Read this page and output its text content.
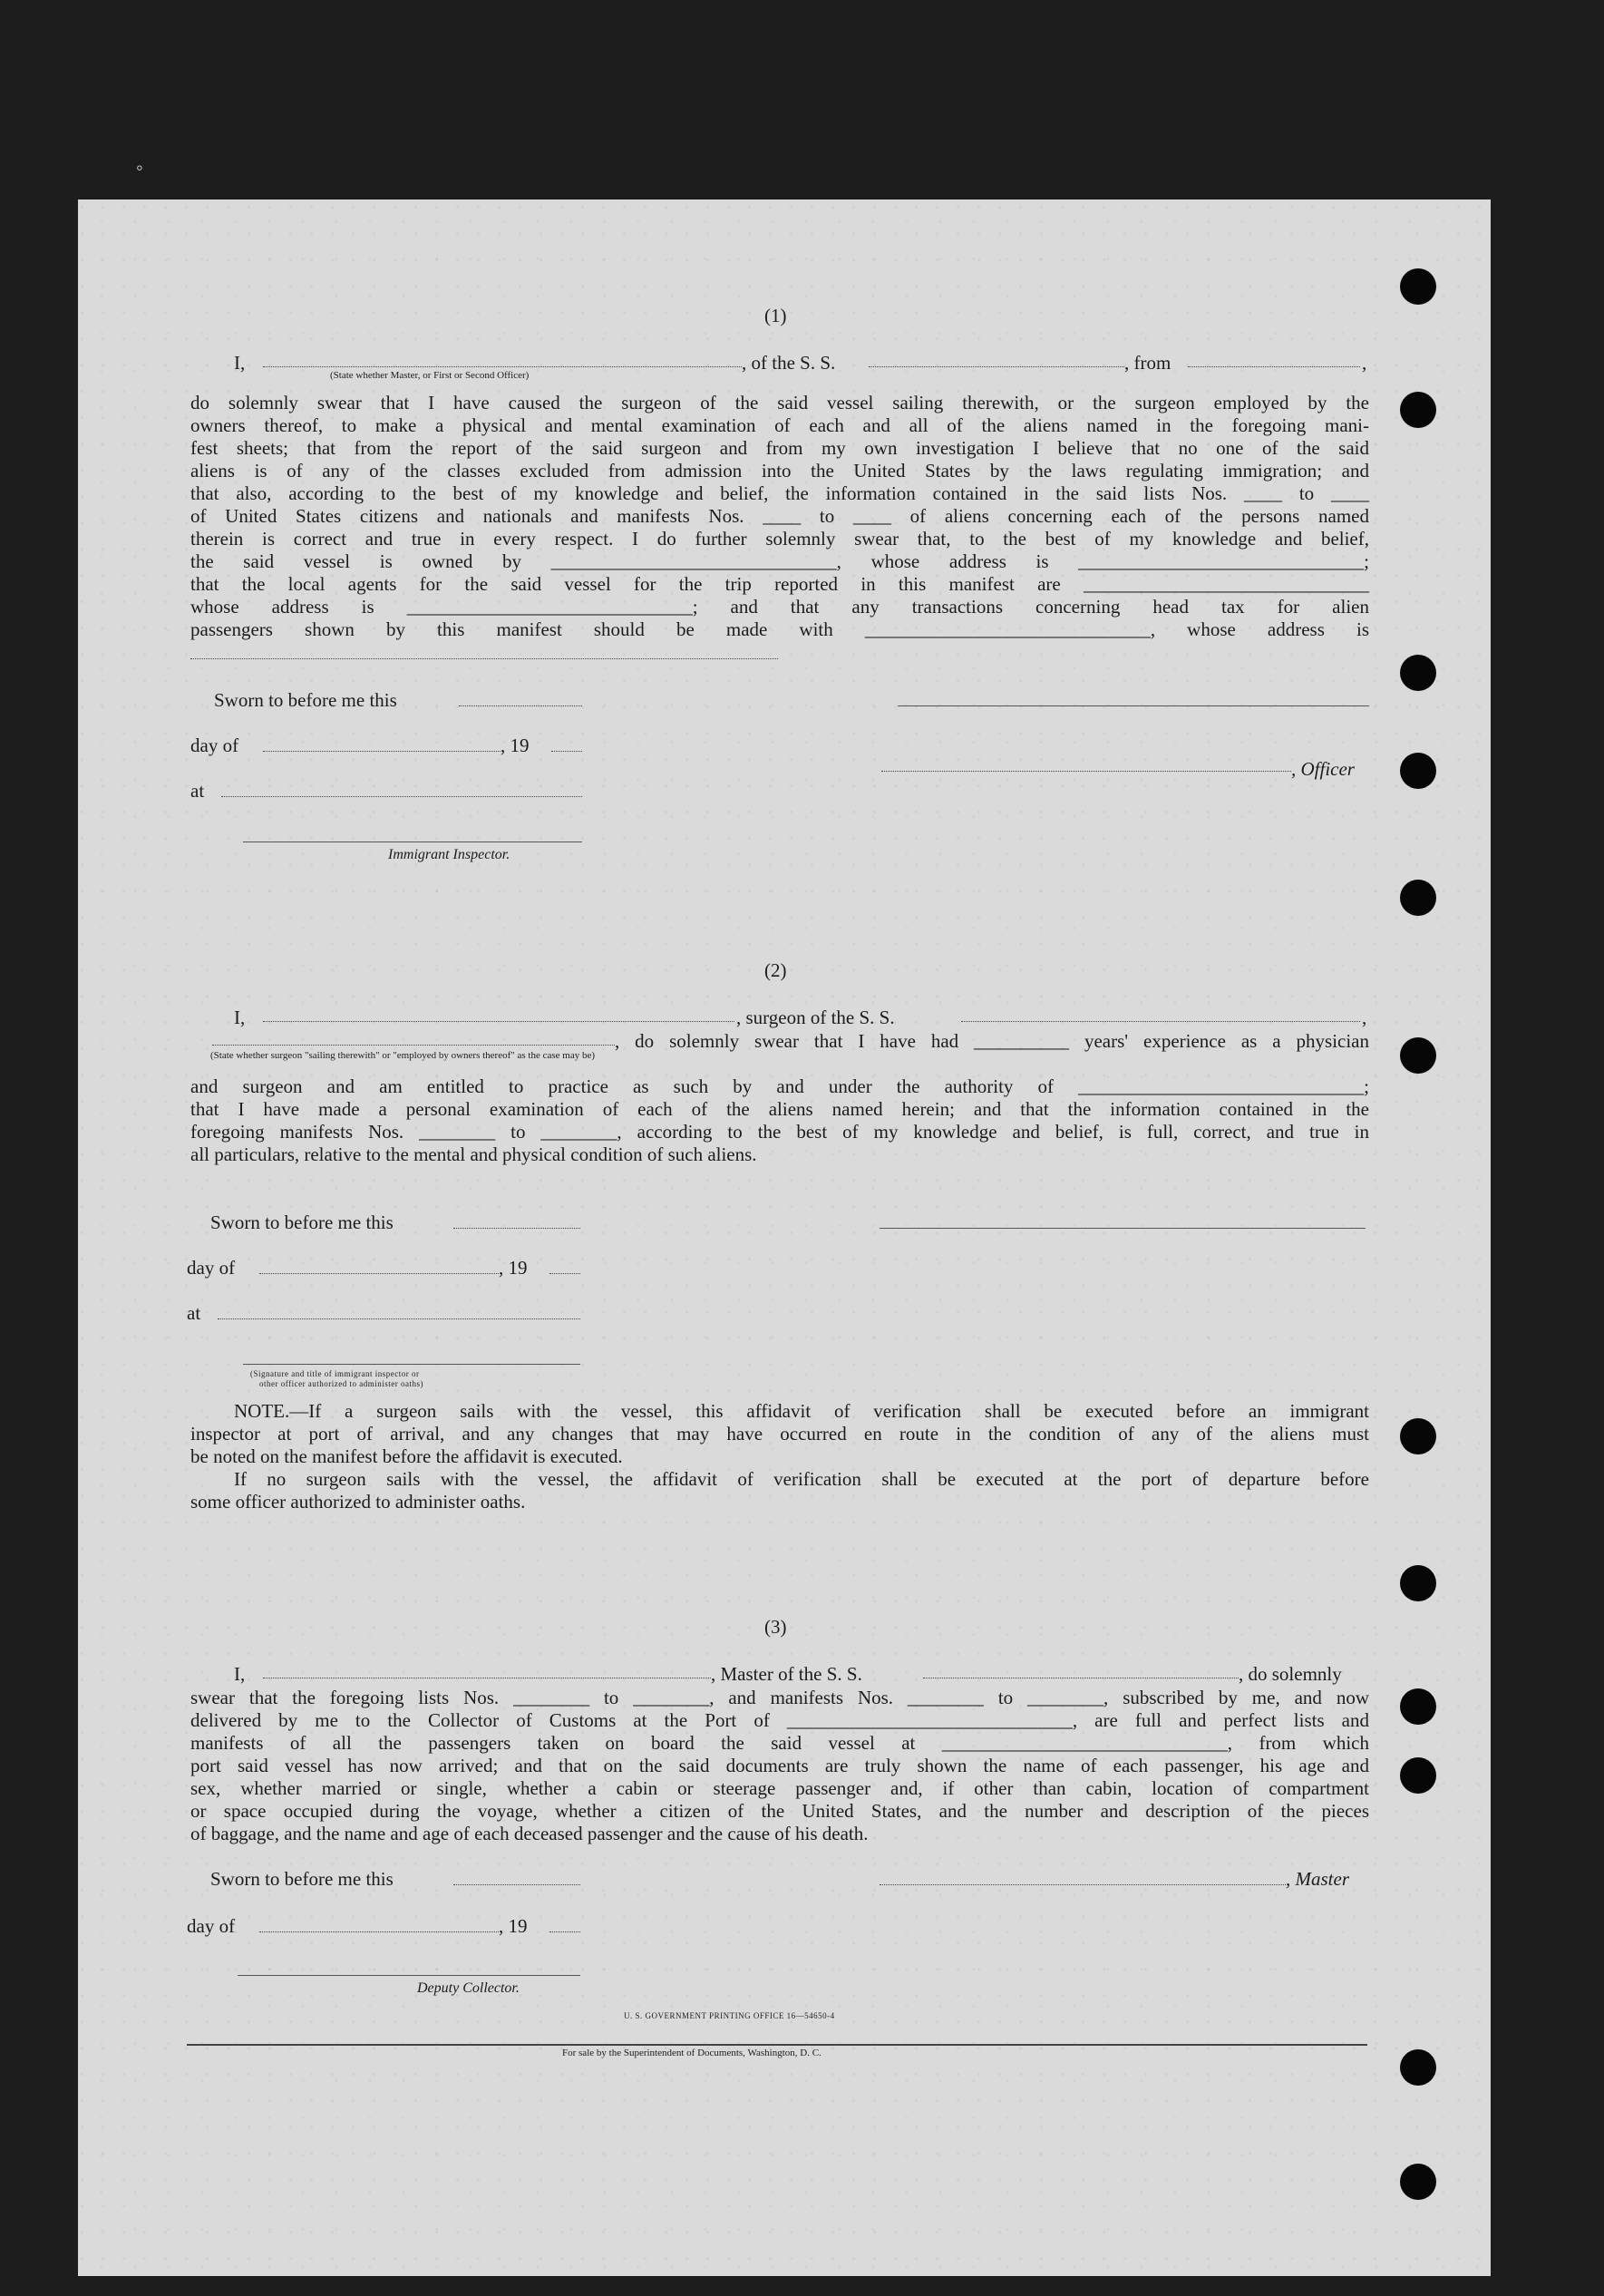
◦
(1)
I,
(State whether Master, or First or Second Officer)
, of the S. S.	, from	,
do solemnly swear that I have caused the surgeon of the said vessel sailing therewith, or the surgeon employed by the
owners thereof, to make a physical and mental examination of each and all of the aliens named in the foregoing mani-
fest sheets; that from the report of the said surgeon and from my own investigation I believe that no one of the said
aliens is of any of the classes excluded from admission into the United States by the laws regulating immigration; and
that also, according to the best of my knowledge and belief, the information contained in the said lists Nos. ____ to ____
of United States citizens and nationals and manifests Nos. ____ to ____ of aliens concerning each of the persons named
therein is correct and true in every respect. I do further solemnly swear that, to the best of my knowledge and belief,
the said vessel is owned by ______________________________, whose address is ______________________________;
that the local agents for the said vessel for the trip reported in this manifest are ______________________________
whose address is ______________________________; and that any transactions concerning head tax for alien
passengers shown by this manifest should be made with ______________________________, whose address is
Sworn to before me this
day of	, 19
, Officer
at
Immigrant Inspector.
(2)
I,	, surgeon of the S. S.	,
, do solemnly swear that I have had __________ years' experience as a physician
(State whether surgeon "sailing therewith" or "employed by owners thereof" as the case may be)
and surgeon and am entitled to practice as such by and under the authority of ______________________________;
that I have made a personal examination of each of the aliens named herein; and that the information contained in the
foregoing manifests Nos. ________ to ________, according to the best of my knowledge and belief, is full, correct, and true in
all particulars, relative to the mental and physical condition of such aliens.
Sworn to before me this
day of	, 19
at
(Signature and title of immigrant inspector or
other officer authorized to administer oaths)
NOTE.—If a surgeon sails with the vessel, this affidavit of verification shall be executed before an immigrant
inspector at port of arrival, and any changes that may have occurred en route in the condition of any of the aliens must
be noted on the manifest before the affidavit is executed.
If no surgeon sails with the vessel, the affidavit of verification shall be executed at the port of departure before
some officer authorized to administer oaths.
(3)
I,	, Master of the S. S.	, do solemnly
swear that the foregoing lists Nos. ________ to ________, and manifests Nos. ________ to ________, subscribed by me, and now
delivered by me to the Collector of Customs at the Port of ______________________________, are full and perfect lists and
manifests of all the passengers taken on board the said vessel at ______________________________, from which
port said vessel has now arrived; and that on the said documents are truly shown the name of each passenger, his age and
sex, whether married or single, whether a cabin or steerage passenger and, if other than cabin, location of compartment
or space occupied during the voyage, whether a citizen of the United States, and the number and description of the pieces
of baggage, and the name and age of each deceased passenger and the cause of his death.
Sworn to before me this	, Master
day of	, 19
Deputy Collector.
U. S. GOVERNMENT PRINTING OFFICE 16—54650-4
For sale by the Superintendent of Documents, Washington, D. C.
